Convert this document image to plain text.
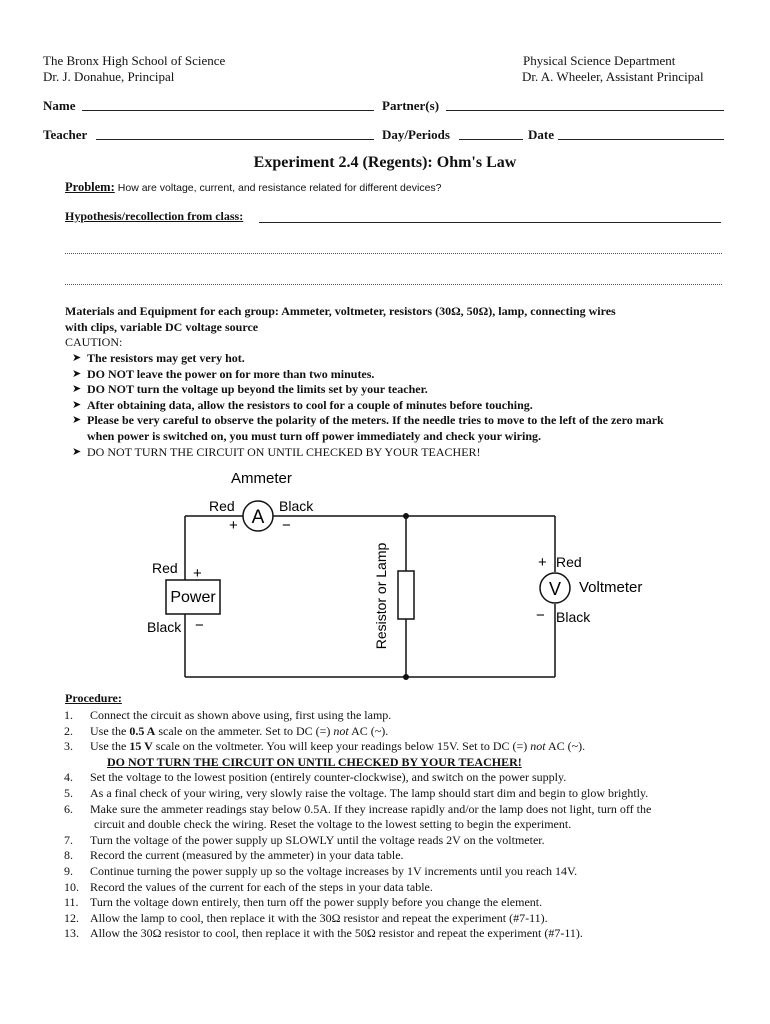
The Bronx High School of Science
Dr. J. Donahue, Principal
Physical Science Department
Dr. A. Wheeler, Assistant Principal
Name	Partner(s)
Teacher	Day/Periods	Date
Experiment 2.4 (Regents): Ohm's Law
Problem: How are voltage, current, and resistance related for different devices?
Hypothesis/recollection from class:
Materials and Equipment for each group: Ammeter, voltmeter, resistors (30Ω, 50Ω), lamp, connecting wires
with clips, variable DC voltage source
CAUTION:
➤ The resistors may get very hot.
➤ DO NOT leave the power on for more than two minutes.
➤ DO NOT turn the voltage up beyond the limits set by your teacher.
➤ After obtaining data, allow the resistors to cool for a couple of minutes before touching.
➤ Please be very careful to observe the polarity of the meters. If the needle tries to move to the left of the zero mark
when power is switched on, you must turn off power immediately and check your wiring.
➤ DO NOT TURN THE CIRCUIT ON UNTIL CHECKED BY YOUR TEACHER!
A
Ammeter
Red	Black
+	−
Power
Red +
Black −	Resistor or Lamp	V Voltmeter
+ Red
− Black
Procedure:
1. Connect the circuit as shown above using, first using the lamp.
2. Use the 0.5 A scale on the ammeter. Set to DC (=) not AC (~).
3. Use the 15 V scale on the voltmeter. You will keep your readings below 15V. Set to DC (=) not AC (~).
DO NOT TURN THE CIRCUIT ON UNTIL CHECKED BY YOUR TEACHER!
4. Set the voltage to the lowest position (entirely counter-clockwise), and switch on the power supply.
5. As a final check of your wiring, very slowly raise the voltage. The lamp should start dim and begin to glow brightly.
6. Make sure the ammeter readings stay below 0.5A. If they increase rapidly and/or the lamp does not light, turn off the
circuit and double check the wiring. Reset the voltage to the lowest setting to begin the experiment.
7. Turn the voltage of the power supply up SLOWLY until the voltage reads 2V on the voltmeter.
8. Record the current (measured by the ammeter) in your data table.
9. Continue turning the power supply up so the voltage increases by 1V increments until you reach 14V.
10. Record the values of the current for each of the steps in your data table.
11. Turn the voltage down entirely, then turn off the power supply before you change the element.
12. Allow the lamp to cool, then replace it with the 30Ω resistor and repeat the experiment (#7-11).
13. Allow the 30Ω resistor to cool, then replace it with the 50Ω resistor and repeat the experiment (#7-11).
